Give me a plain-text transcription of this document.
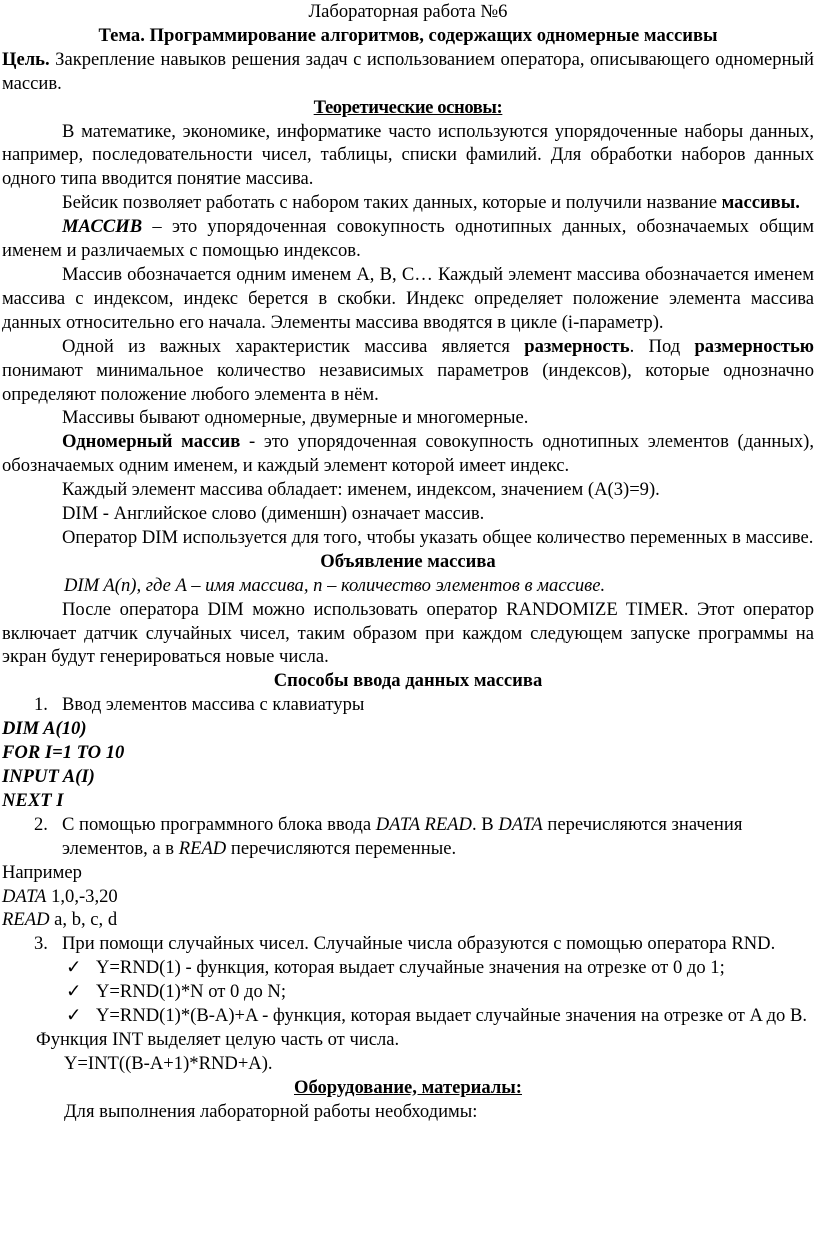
Лабораторная работа №6

Тема. Программирование алгоритмов, содержащих одномерные массивы

Цель. Закрепление навыков решения задач с использованием оператора, описывающего одномерный массив.

Теоретические основы:

В математике, экономике, информатике часто используются упорядоченные наборы данных, например, последовательности чисел, таблицы, списки фамилий. Для обработки наборов данных одного типа вводится понятие массива.

Бейсик позволяет работать с набором таких данных, которые и получили название массивы.

МАССИВ – это упорядоченная совокупность однотипных данных, обозначаемых общим именем и различаемых с помощью индексов.

Массив обозначается одним именем A, B, C… Каждый элемент массива обозначается именем массива с индексом, индекс берется в скобки. Индекс определяет положение элемента массива данных относительно его начала. Элементы массива вводятся в цикле (i-параметр).

Одной из важных характеристик массива является размерность. Под размерностью понимают минимальное количество независимых параметров (индексов), которые однозначно определяют положение любого элемента в нём.

Массивы бывают одномерные, двумерные и многомерные.

Одномерный массив - это упорядоченная совокупность однотипных элементов (данных), обозначаемых одним именем, и каждый элемент которой имеет индекс.

Каждый элемент массива обладает: именем, индексом, значением (А(3)=9).

DIM - Английское слово (дименшн) означает массив.

Оператор DIM используется для того, чтобы указать общее количество переменных в массиве.

Объявление массива

DIM A(n), где A – имя массива, n – количество элементов в массиве.

После оператора DIM можно использовать оператор RANDOMIZE TIMER. Этот оператор включает датчик случайных чисел, таким образом при каждом следующем запуске программы на экран будут генерироваться новые числа.

Способы ввода данных массива

1. Ввод элементов массива с клавиатуры

DIM A(10)

FOR I=1 TO 10

INPUT A(I)

NEXT I

2. С помощью программного блока ввода DATA READ. В DATA перечисляются значения элементов, а в READ перечисляются переменные.

Например

DATA 1,0,-3,20

READ a, b, c, d

3. При помощи случайных чисел. Случайные числа образуются с помощью оператора RND.

✓ Y=RND(1) - функция, которая выдает случайные значения на отрезке от 0 до 1;

✓ Y=RND(1)*N от 0 до N;

✓ Y=RND(1)*(B-A)+A - функция, которая выдает случайные значения на отрезке от A до B.

Функция INT выделяет целую часть от числа.

Y=INT((B-A+1)*RND+A).

Оборудование, материалы:

Для выполнения лабораторной работы необходимы:
